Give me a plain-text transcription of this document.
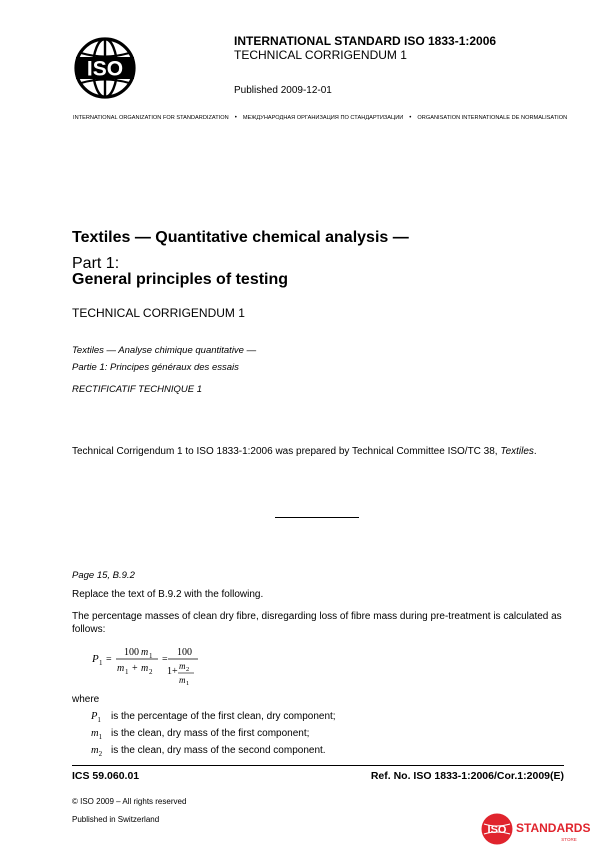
ISO
INTERNATIONAL STANDARD ISO 1833-1:2006
TECHNICAL CORRIGENDUM 1
Published 2009-12-01
INTERNATIONAL ORGANIZATION FOR STANDARDIZATION • МЕЖДУНАРОДНАЯ ОРГАНИЗАЦИЯ ПО СТАНДАРТИЗАЦИИ • ORGANISATION INTERNATIONALE DE NORMALISATION
Textiles — Quantitative chemical analysis —
Part 1:
General principles of testing
TECHNICAL CORRIGENDUM 1
Textiles — Analyse chimique quantitative —
Partie 1: Principes généraux des essais
RECTIFICATIF TECHNIQUE 1
Technical Corrigendum 1 to ISO 1833-1:2006 was prepared by Technical Committee ISO/TC 38, Textiles.
Page 15, B.9.2
Replace the text of B.9.2 with the following.
The percentage masses of clean dry fibre, disregarding loss of fibre mass during pre-treatment is calculated as follows:
P 1 =
100 m 1
m 1 + m 2
=
100
1+ m 2
m 1
where
$P_1$	is the percentage of the first clean, dry component;
$m_1$ is the clean, dry mass of the first component;
$m_2$ is the clean, dry mass of the second component.
ICS 59.060.01	Ref. No. ISO 1833-1:2006/Cor.1:2009(E)
© ISO 2009 – All rights reserved
Published in Switzerland
ISO STANDARDS
STORE
